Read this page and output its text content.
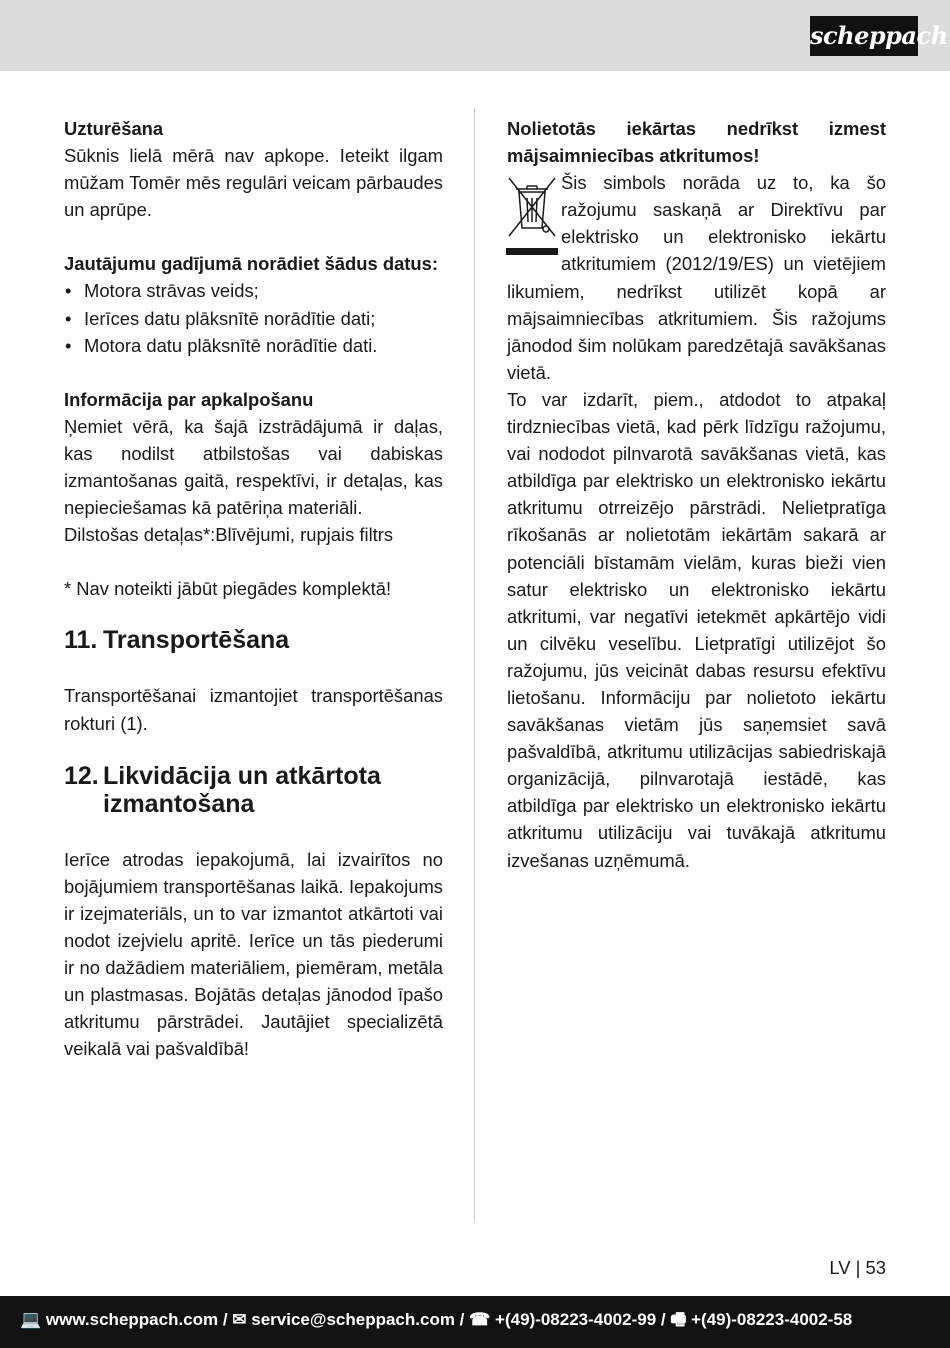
scheppach

Uzturēšana

Sūknis lielā mērā nav apkope. Ieteikt ilgam mūžam Tomēr mēs regulāri veicam pārbaudes un aprūpe.

Jautājumu gadījumā norādiet šādus datus:

• Motora strāvas veids;
• Ierīces datu plāksnītē norādītie dati;
• Motora datu plāksnītē norādītie dati.

Informācija par apkalpošanu

Ņemiet vērā, ka šajā izstrādājumā ir daļas, kas nodilst atbilstošas vai dabiskas izmantošanas gaitā, respektīvi, ir detaļas, kas nepieciešamas kā patēriņa materiāli.

Dilstošas detaļas*:Blīvējumi, rupjais filtrs

* Nav noteikti jābūt piegādes komplektā!

11. Transportēšana

Transportēšanai izmantojiet transportēšanas rokturi (1).

12. Likvidācija un atkārtota izmantošana

Ierīce atrodas iepakojumā, lai izvairītos no bojājumiem transportēšanas laikā. Iepakojums ir izejmateriāls, un to var izmantot atkārtoti vai nodot izejvielu apritē. Ierīce un tās piederumi ir no dažādiem materiāliem, piemēram, metāla un plastmasas. Bojātās detaļas jānodod īpašo atkritumu pārstrādei. Jautājiet specializētā veikalā vai pašvaldībā!

Nolietotās iekārtas nedrīkst izmest mājsaimniecības atkritumos!

Šis simbols norāda uz to, ka šo ražojumu saskaņā ar Direktīvu par elektrisko un elektronisko iekārtu atkritumiem (2012/19/ES) un vietējiem likumiem, nedrīkst utilizēt kopā ar mājsaimniecības atkritumiem. Šis ražojums jānodod šim nolūkam paredzētajā savākšanas vietā.

To var izdarīt, piem., atdodot to atpakaļ tirdzniecības vietā, kad pērk līdzīgu ražojumu, vai nododot pilnvarotā savākšanas vietā, kas atbildīga par elektrisko un elektronisko iekārtu atkritumu otrreizējo pārstrādi. Nelietpratīga rīkošanās ar nolietotām iekārtām sakarā ar potenciāli bīstamām vielām, kuras bieži vien satur elektrisko un elektronisko iekārtu atkritumi, var negatīvi ietekmēt apkārtējo vidi un cilvēku veselību. Lietpratīgi utilizējot šo ražojumu, jūs veicināt dabas resursu efektīvu lietošanu. Informāciju par nolietoto iekārtu savākšanas vietām jūs saņemsiet savā pašvaldībā, atkritumu utilizācijas sabiedriskajā organizācijā, pilnvarotajā iestādē, kas atbildīga par elektrisko un elektronisko iekārtu atkritumu utilizāciju vai tuvākajā atkritumu izvešanas uzņēmumā.

LV | 53
💻 www.scheppach.com / ✉ service@scheppach.com / ☎ +(49)-08223-4002-99 / 🖷 +(49)-08223-4002-58
